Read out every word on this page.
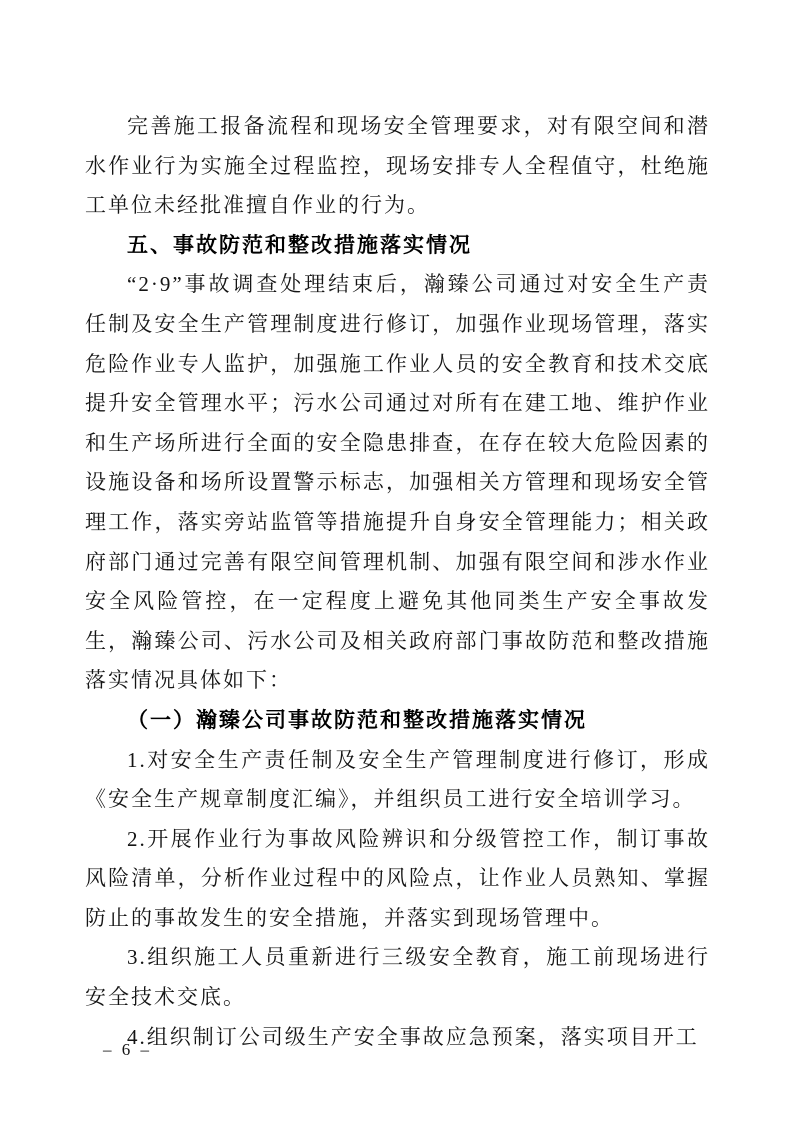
完善施工报备流程和现场安全管理要求，对有限空间和潜水作业行为实施全过程监控，现场安排专人全程值守，杜绝施工单位未经批准擅自作业的行为。

五、事故防范和整改措施落实情况

“2·9”事故调查处理结束后，瀚臻公司通过对安全生产责任制及安全生产管理制度进行修订，加强作业现场管理，落实危险作业专人监护，加强施工作业人员的安全教育和技术交底提升安全管理水平；污水公司通过对所有在建工地、维护作业和生产场所进行全面的安全隐患排查，在存在较大危险因素的设施设备和场所设置警示标志，加强相关方管理和现场安全管理工作，落实旁站监管等措施提升自身安全管理能力；相关政府部门通过完善有限空间管理机制、加强有限空间和涉水作业安全风险管控，在一定程度上避免其他同类生产安全事故发生，瀚臻公司、污水公司及相关政府部门事故防范和整改措施落实情况具体如下：

（一）瀚臻公司事故防范和整改措施落实情况

1.对安全生产责任制及安全生产管理制度进行修订，形成《安全生产规章制度汇编》，并组织员工进行安全培训学习。

2.开展作业行为事故风险辨识和分级管控工作，制订事故风险清单，分析作业过程中的风险点，让作业人员熟知、掌握防止的事故发生的安全措施，并落实到现场管理中。

3.组织施工人员重新进行三级安全教育，施工前现场进行安全技术交底。

4.组织制订公司级生产安全事故应急预案，落实项目开工

– 6 –
